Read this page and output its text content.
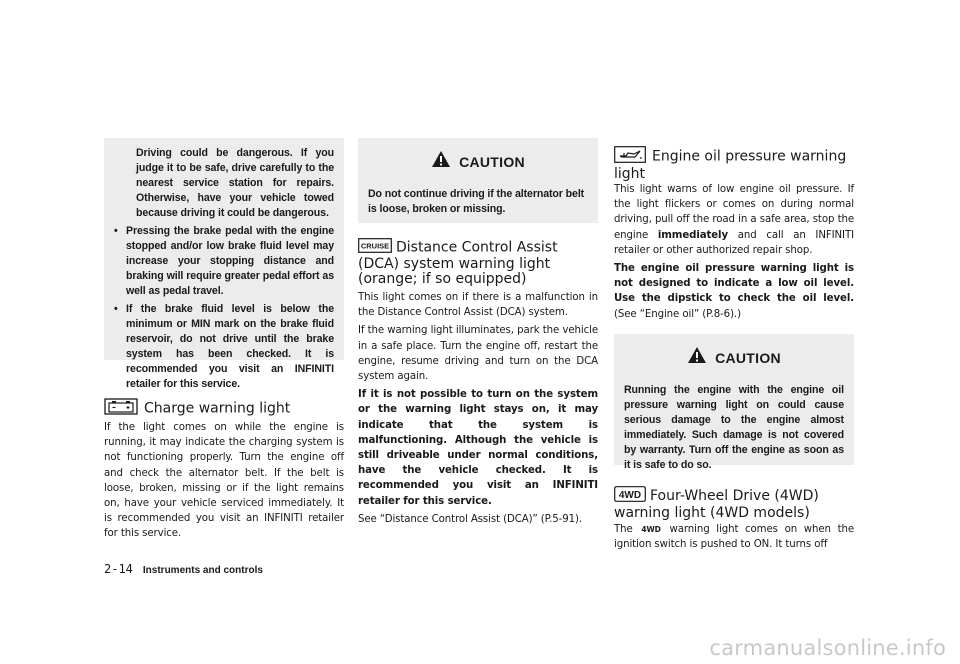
Driving could be dangerous. If you judge it to be safe, drive carefully to the nearest service station for repairs. Otherwise, have your vehicle towed because driving it could be dangerous.

• Pressing the brake pedal with the engine stopped and/or low brake fluid level may increase your stopping distance and braking will require greater pedal effort as well as pedal travel.
• If the brake fluid level is below the minimum or MIN mark on the brake fluid reservoir, do not drive until the brake system has been checked. It is recommended you visit an INFINITI retailer for this service.
Charge warning light

If the light comes on while the engine is running, it may indicate the charging system is not functioning properly. Turn the engine off and check the alternator belt. If the belt is loose, broken, missing or if the light remains on, have your vehicle serviced immediately. It is recommended you visit an INFINITI retailer for this service.

CAUTION

Do not continue driving if the alternator belt is loose, broken or missing.

CRUISE Distance Control Assist (DCA) system warning light (orange; if so equipped)

This light comes on if there is a malfunction in the Distance Control Assist (DCA) system.

If the warning light illuminates, park the vehicle in a safe place. Turn the engine off, restart the engine, resume driving and turn on the DCA system again.

If it is not possible to turn on the system or the warning light stays on, it may indicate that the system is malfunctioning. Although the vehicle is still driveable under normal conditions, have the vehicle checked. It is recommended you visit an INFINITI retailer for this service.

See “Distance Control Assist (DCA)” (P.5-91).

Engine oil pressure warning light

This light warns of low engine oil pressure. If the light flickers or comes on during normal driving, pull off the road in a safe area, stop the engine immediately and call an INFINITI retailer or other authorized repair shop.

The engine oil pressure warning light is not designed to indicate a low oil level. Use the dipstick to check the oil level. (See “Engine oil” (P.8-6).)

CAUTION

Running the engine with the engine oil pressure warning light on could cause serious damage to the engine almost immediately. Such damage is not covered by warranty. Turn off the engine as soon as it is safe to do so.

4WD Four-Wheel Drive (4WD) warning light (4WD models)

The 4WD warning light comes on when the ignition switch is pushed to ON. It turns off

2-14 Instruments and controls
carmanualsonline.info
